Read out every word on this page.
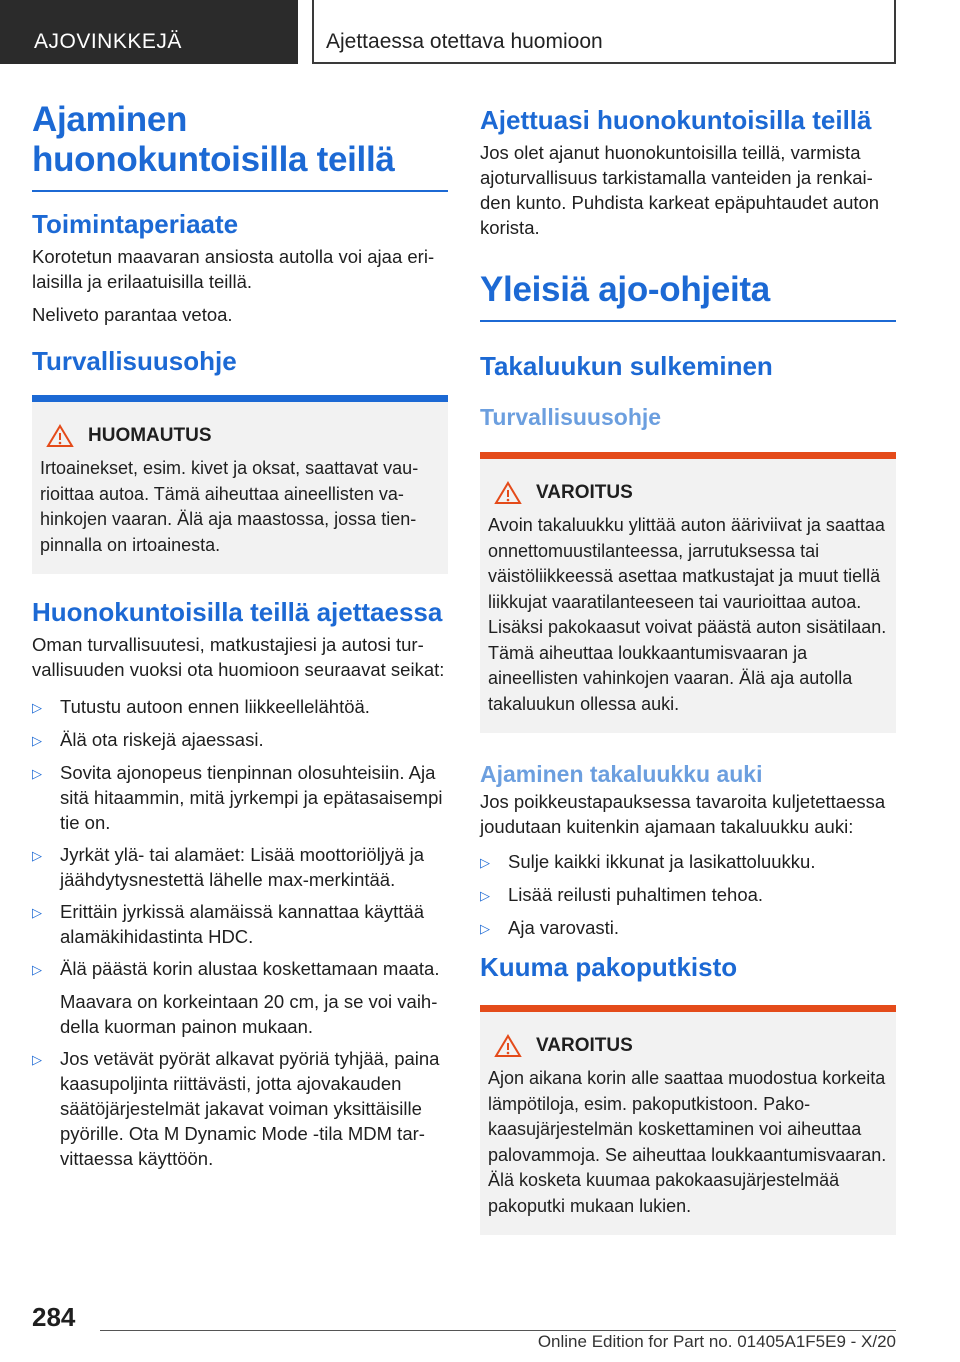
AJOVINKKEJÄ	Ajettaessa otettava huomioon
Ajaminen huonokuntoisilla teillä
Toimintaperiaate

Korotetun maavaran ansiosta autolla voi ajaa erilaisilla ja erilaatuisilla teillä.

Neliveto parantaa vetoa.

Turvallisuusohje
HUOMAUTUS
Irtoainekset, esim. kivet ja oksat, saattavat vaurioittaa autoa. Tämä aiheuttaa aineellisten vahinkojen vaaran. Älä aja maastossa, jossa tienpinnalla on irtoainesta.
Huonokuntoisilla teillä ajettaessa

Oman turvallisuutesi, matkustajiesi ja autosi turvallisuuden vuoksi ota huomioon seuraavat seikat:

▷ Tutustu autoon ennen liikkeellelähtöä.
▷ Älä ota riskejä ajaessasi.
▷ Sovita ajonopeus tienpinnan olosuhteisiin. Aja sitä hitaammin, mitä jyrkempi ja epätasaisempi tie on.
▷ Jyrkät ylä- tai alamäet: Lisää moottoriöljyä ja jäähdytysnestettä lähelle max-merkintää.
▷ Erittäin jyrkissä alamäissä kannattaa käyttää alamäkihidastinta HDC.
▷ Älä päästä korin alustaa koskettamaan maata.
Maavara on korkeintaan 20 cm, ja se voi vaihdella kuorman painon mukaan.
▷ Jos vetävät pyörät alkavat pyöriä tyhjää, paina kaasupoljinta riittävästi, jotta ajovakauden säätöjärjestelmät jakavat voiman yksittäisille pyörille. Ota M Dynamic Mode -tila MDM tarvittaessa käyttöön.
Ajettuasi huonokuntoisilla teillä

Jos olet ajanut huonokuntoisilla teillä, varmista ajoturvallisuus tarkistamalla vanteiden ja renkaiden kunto. Puhdista karkeat epäpuhtaudet auton korista.

Yleisiä ajo-ohjeita
Takaluukun sulkeminen
Turvallisuusohje
VAROITUS
Avoin takaluukku ylittää auton ääriviivat ja saattaa onnettomuustilanteessa, jarrutuksessa tai väistöliikkeessä asettaa matkustajat ja muut tiellä liikkujat vaaratilanteeseen tai vaurioittaa autoa. Lisäksi pakokaasut voivat päästä auton sisätilaan. Tämä aiheuttaa loukkaantumisvaaran ja aineellisten vahinkojen vaaran. Älä aja autolla takaluukun ollessa auki.
Ajaminen takaluukku auki

Jos poikkeustapauksessa tavaroita kuljetettaessa joudutaan kuitenkin ajamaan takaluukku auki:

▷ Sulje kaikki ikkunat ja lasikattoluukku.
▷ Lisää reilusti puhaltimen tehoa.
▷ Aja varovasti.
Kuuma pakoputkisto
VAROITUS
Ajon aikana korin alle saattaa muodostua korkeita lämpötiloja, esim. pakoputkistoon. Pakokaasujärjestelmän koskettaminen voi aiheuttaa palovammoja. Se aiheuttaa loukkaantumisvaaran. Älä kosketa kuumaa pakokaasujärjestelmää pakoputki mukaan lukien.
284
Online Edition for Part no. 01405A1F5E9 - X/20
